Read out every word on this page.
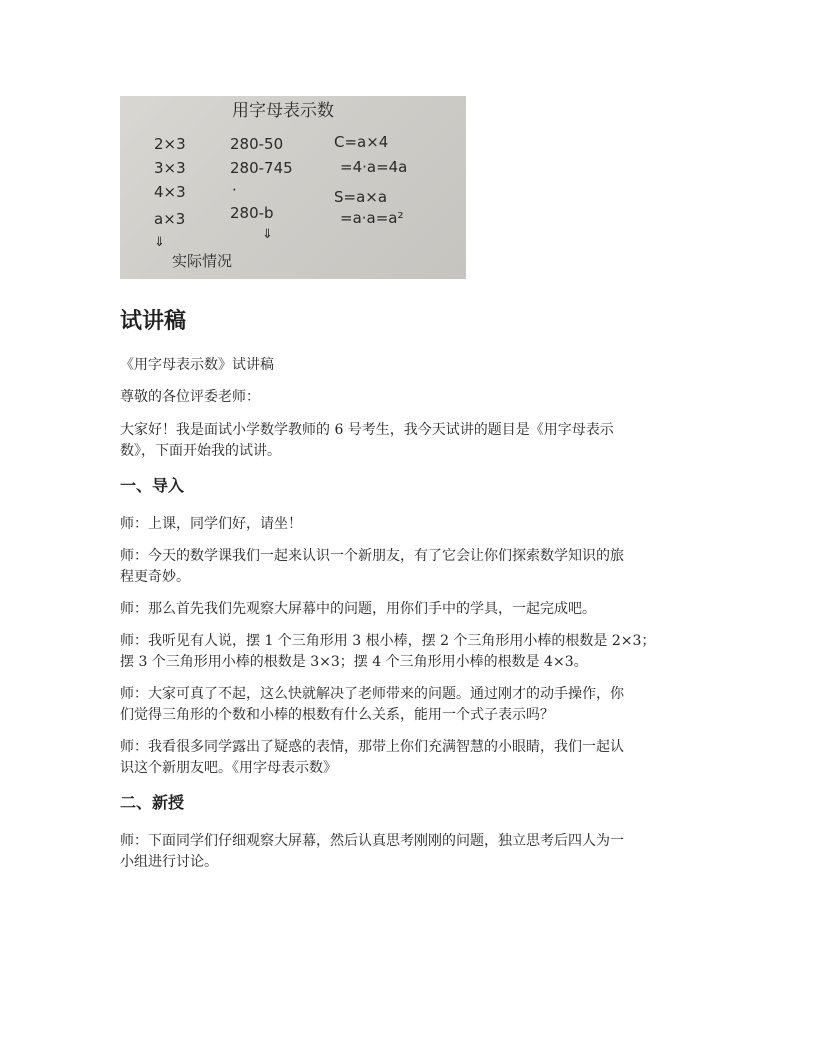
用字母表示数
2×3
3×3
4×3
a×3
⇓
实际情况
280-50
280-745
·
280-b
⇓
C=a×4
=4·a=4a
S=a×a
=a·a=a²
试讲稿

《用字母表示数》试讲稿

尊敬的各位评委老师：

大家好！我是面试小学数学教师的 6 号考生，我今天试讲的题目是《用字母表示

数》，下面开始我的试讲。

一、导入

师：上课，同学们好，请坐！

师：今天的数学课我们一起来认识一个新朋友，有了它会让你们探索数学知识的旅

程更奇妙。

师：那么首先我们先观察大屏幕中的问题，用你们手中的学具，一起完成吧。

师：我听见有人说，摆 1 个三角形用 3 根小棒，摆 2 个三角形用小棒的根数是 2×3；

摆 3 个三角形用小棒的根数是 3×3；摆 4 个三角形用小棒的根数是 4×3。

师：大家可真了不起，这么快就解决了老师带来的问题。通过刚才的动手操作，你

们觉得三角形的个数和小棒的根数有什么关系，能用一个式子表示吗？

师：我看很多同学露出了疑惑的表情，那带上你们充满智慧的小眼睛，我们一起认

识这个新朋友吧。《用字母表示数》

二、新授

师：下面同学们仔细观察大屏幕，然后认真思考刚刚的问题，独立思考后四人为一

小组进行讨论。
